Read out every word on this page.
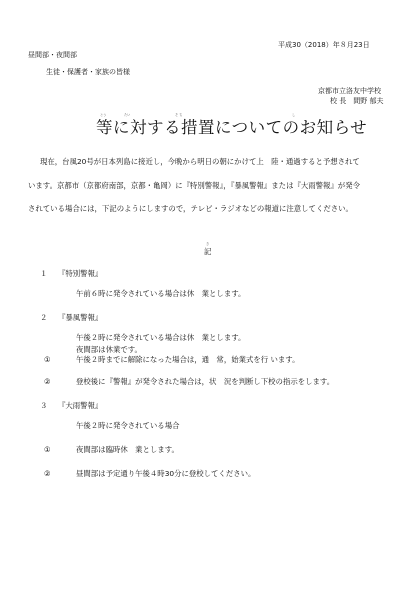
平成30（2018）年８月23日
昼間部・夜間部
生徒・保護者・家族の皆様
京都市立洛友中学校
校 長　間野 郁夫
とう	たい	そ ち	し
等に対する措置についてのお知らせ
現在，台風20号が日本列島に接近し，今晩から明日の朝にかけて上　陸・通過すると予想されて
います。京都市（京都府南部，京都・亀岡）に『特別警報』，『暴風警報』または『大雨警報』が発令
されている場合には，下記のようにしますので，テレビ・ラジオなどの報道に注意してください。
き
記
１ 『特別警報』
午前６時に発令されている場合は休　業とします。
２ 『暴風警報』
午後２時に発令されている場合は休　業とします。
夜間部は休業です。
①	午後２時までに解除になった場合は，通　常，始業式を行 います。
②	登校後に『警報』が発令された場合は，状　況を判断し下校の指示をします。
３ 『大雨警報』
午後２時に発令されている場合
①	夜間部は臨時休　業とします。
②	昼間部は予定通り午後４時30分に登校してください。
